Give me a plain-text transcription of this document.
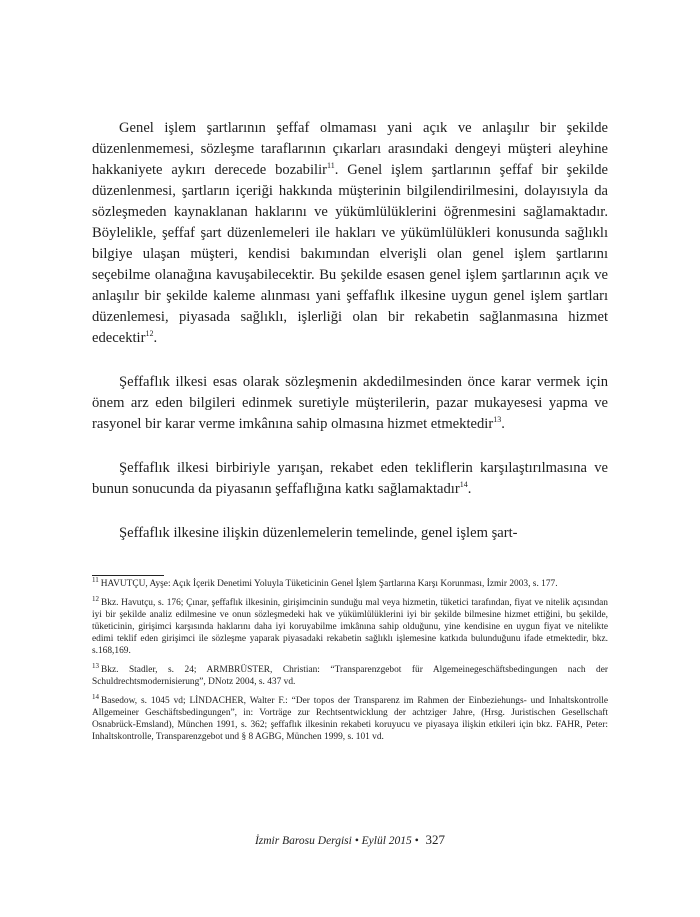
Genel işlem şartlarının şeffaf olmaması yani açık ve anlaşılır bir şekilde düzenlenmemesi, sözleşme taraflarının çıkarları arasındaki dengeyi müşteri aleyhine hakkaniyete aykırı derecede bozabilir$^{11}$. Genel işlem şartlarının şeffaf bir şekilde düzenlenmesi, şartların içeriği hakkında müşterinin bilgilendirilmesini, dolayısıyla da sözleşmeden kaynaklanan haklarını ve yükümlülüklerini öğrenmesini sağlamaktadır. Böylelikle, şeffaf şart düzenlemeleri ile hakları ve yükümlülükleri konusunda sağlıklı bilgiye ulaşan müşteri, kendisi bakımından elverişli olan genel işlem şartlarını seçebilme olanağına kavuşabilecektir. Bu şekilde esasen genel işlem şartlarının açık ve anlaşılır bir şekilde kaleme alınması yani şeffaflık ilkesine uygun genel işlem şartları düzenlemesi, piyasada sağlıklı, işlerliği olan bir rekabetin sağlanmasına hizmet edecektir$^{12}$.

Şeffaflık ilkesi esas olarak sözleşmenin akdedilmesinden önce karar vermek için önem arz eden bilgileri edinmek suretiyle müşterilerin, pazar mukayesesi yapma ve rasyonel bir karar verme imkânına sahip olmasına hizmet etmektedir$^{13}$.

Şeffaflık ilkesi birbiriyle yarışan, rekabet eden tekliflerin karşılaştırılmasına ve bunun sonucunda da piyasanın şeffaflığına katkı sağlamaktadır$^{14}$.

Şeffaflık ilkesine ilişkin düzenlemelerin temelinde, genel işlem şart-

$^{11}$ HAVUTÇU, Ayşe: Açık İçerik Denetimi Yoluyla Tüketicinin Genel İşlem Şartlarına Karşı Korunması, İzmir 2003, s. 177.

$^{12}$ Bkz. Havutçu, s. 176; Çınar, şeffaflık ilkesinin, girişimcinin sunduğu mal veya hizmetin, tüketici tarafından, fiyat ve nitelik açısından iyi bir şekilde analiz edilmesine ve onun sözleşmedeki hak ve yükümlülüklerini iyi bir şekilde bilmesine hizmet ettiğini, bu şekilde, tüketicinin, girişimci karşısında haklarını daha iyi koruyabilme imkânına sahip olduğunu, yine kendisine en uygun fiyat ve nitelikte edimi teklif eden girişimci ile sözleşme yaparak piyasadaki rekabetin sağlıklı işlemesine katkıda bulunduğunu ifade etmektedir, bkz. s.168,169.

$^{13}$ Bkz. Stadler, s. 24; ARMBRÜSTER, Christian: “Transparenzgebot für Algemeinegeschäftsbedingungen nach der Schuldrechtsmodernisierung”, DNotz 2004, s. 437 vd.

$^{14}$ Basedow, s. 1045 vd; LİNDACHER, Walter F.: “Der topos der Transparenz im Rahmen der Einbeziehungs- und Inhaltskontrolle Allgemeiner Geschäftsbedingungen”, in: Vorträge zur Rechtsentwicklung der achtziger Jahre, (Hrsg. Juristischen Gesellschaft Osnabrück-Emsland), München 1991, s. 362; şeffaflık ilkesinin rekabeti koruyucu ve piyasaya ilişkin etkileri için bkz. FAHR, Peter: Inhaltskontrolle, Transparenzgebot und § 8 AGBG, München 1999, s. 101 vd.

İzmir Barosu Dergisi • Eylül 2015 • 327
